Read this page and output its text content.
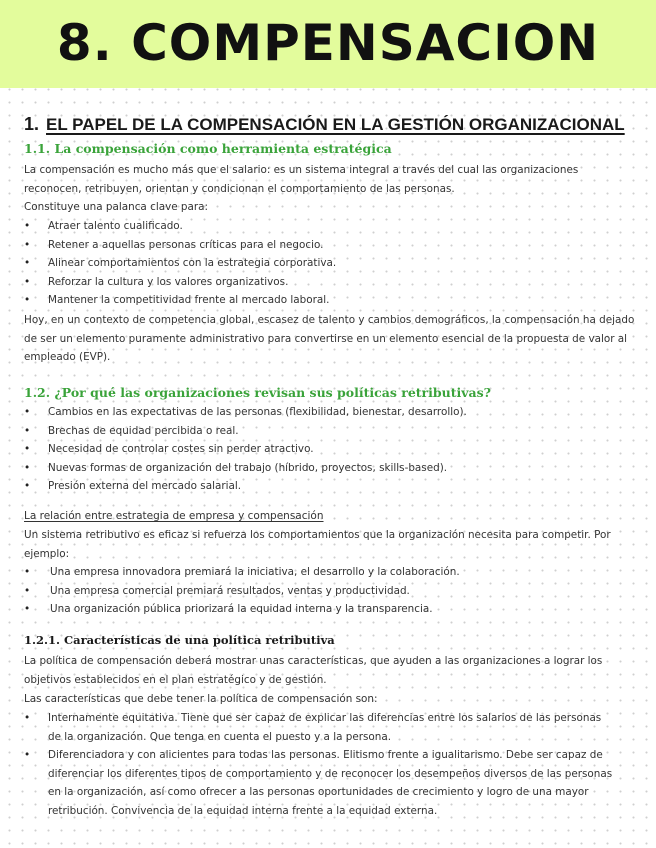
8. COMPENSACION
1. EL PAPEL DE LA COMPENSACIÓN EN LA GESTIÓN ORGANIZACIONAL
1.1. La compensación como herramienta estratégica

La compensación es mucho más que el salario: es un sistema integral a través del cual las organizaciones reconocen, retribuyen, orientan y condicionan el comportamiento de las personas.

Constituye una palanca clave para:

• Atraer talento cualificado.
• Retener a aquellas personas críticas para el negocio.
• Alinear comportamientos con la estrategia corporativa.
• Reforzar la cultura y los valores organizativos.
• Mantener la competitividad frente al mercado laboral.

Hoy, en un contexto de competencia global, escasez de talento y cambios demográficos, la compensación ha dejado de ser un elemento puramente administrativo para convertirse en un elemento esencial de la propuesta de valor al empleado (EVP).

1.2. ¿Por qué las organizaciones revisan sus políticas retributivas?
• Cambios en las expectativas de las personas (flexibilidad, bienestar, desarrollo).
• Brechas de equidad percibida o real.
• Necesidad de controlar costes sin perder atractivo.
• Nuevas formas de organización del trabajo (híbrido, proyectos, skills-based).
• Presión externa del mercado salarial.
La relación entre estrategia de empresa y compensación

Un sistema retributivo es eficaz si refuerza los comportamientos que la organización necesita para competir. Por ejemplo:

• Una empresa innovadora premiará la iniciativa, el desarrollo y la colaboración.
• Una empresa comercial premiará resultados, ventas y productividad.
• Una organización pública priorizará la equidad interna y la transparencia.
1.2.1. Características de una política retributiva

La política de compensación deberá mostrar unas características, que ayuden a las organizaciones a lograr los objetivos establecidos en el plan estratégico y de gestión.

Las características que debe tener la política de compensación son:

• Internamente equitativa. Tiene que ser capaz de explicar las diferencias entre los salarios de las personas de la organización. Que tenga en cuenta el puesto y a la persona.
• Diferenciadora y con alicientes para todas las personas. Elitismo frente a igualitarismo. Debe ser capaz de diferenciar los diferentes tipos de comportamiento y de reconocer los desempeños diversos de las personas en la organización, así como ofrecer a las personas oportunidades de crecimiento y logro de una mayor retribución. Convivencia de la equidad interna frente a la equidad externa.
